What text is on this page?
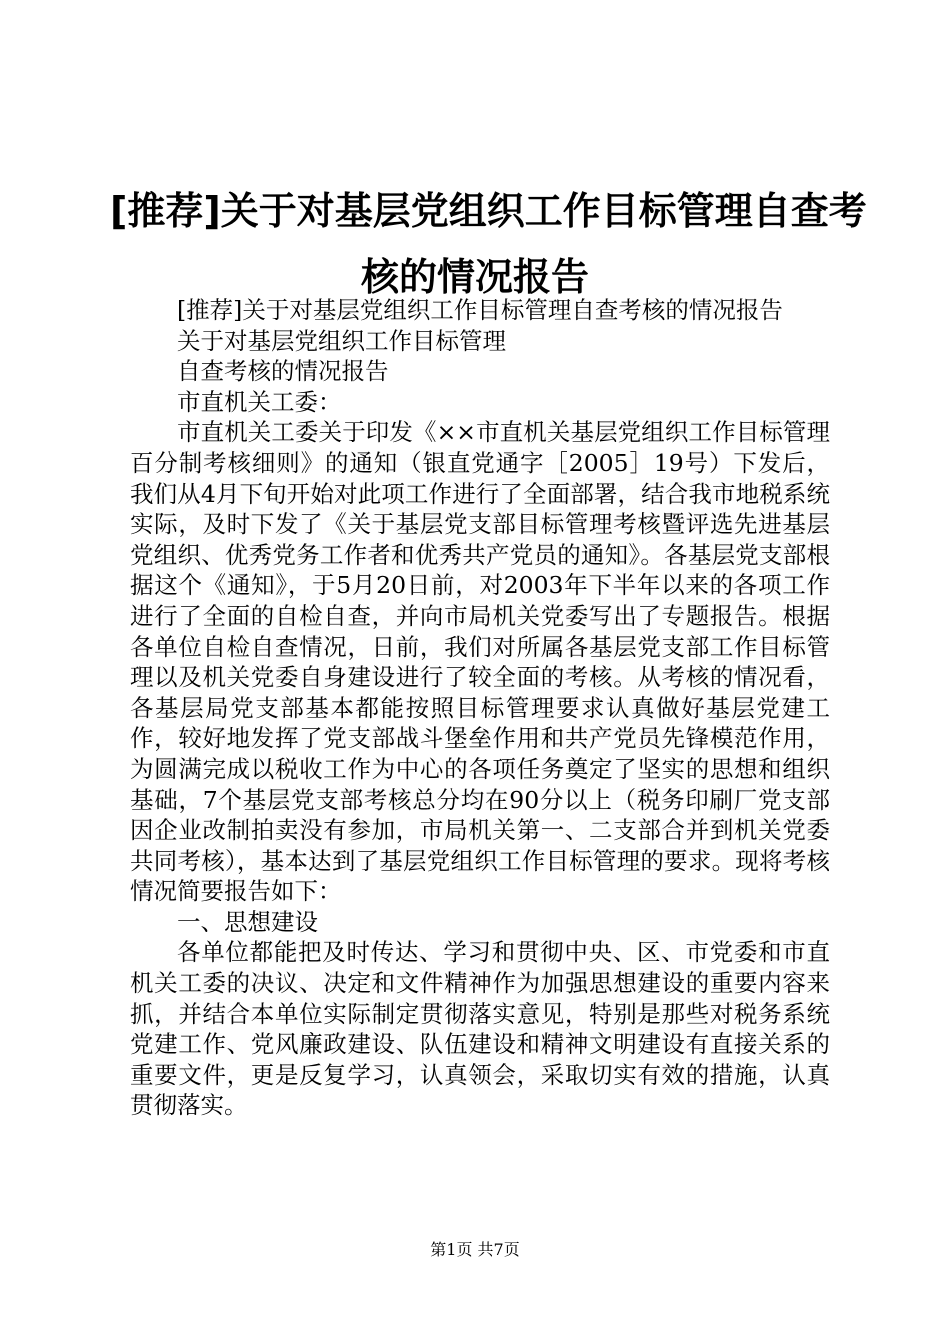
[推荐]关于对基层党组织工作目标管理自查考
核的情况报告

[推荐]关于对基层党组织工作目标管理自查考核的情况报告

关于对基层党组织工作目标管理

自查考核的情况报告

市直机关工委：

市直机关工委关于印发《××市直机关基层党组织工作目标管理百分制考核细则》的通知（银直党通字［2005］19号）下发后，我们从4月下旬开始对此项工作进行了全面部署，结合我市地税系统实际，及时下发了《关于基层党支部目标管理考核暨评选先进基层党组织、优秀党务工作者和优秀共产党员的通知》。各基层党支部根据这个《通知》，于5月20日前，对2003年下半年以来的各项工作进行了全面的自检自查，并向市局机关党委写出了专题报告。根据各单位自检自查情况，日前，我们对所属各基层党支部工作目标管理以及机关党委自身建设进行了较全面的考核。从考核的情况看，各基层局党支部基本都能按照目标管理要求认真做好基层党建工作，较好地发挥了党支部战斗堡垒作用和共产党员先锋模范作用，为圆满完成以税收工作为中心的各项任务奠定了坚实的思想和组织基础，7个基层党支部考核总分均在90分以上（税务印刷厂党支部因企业改制拍卖没有参加，市局机关第一、二支部合并到机关党委共同考核），基本达到了基层党组织工作目标管理的要求。现将考核情况简要报告如下：

一、思想建设

各单位都能把及时传达、学习和贯彻中央、区、市党委和市直机关工委的决议、决定和文件精神作为加强思想建设的重要内容来抓，并结合本单位实际制定贯彻落实意见，特别是那些对税务系统党建工作、党风廉政建设、队伍建设和精神文明建设有直接关系的重要文件，更是反复学习，认真领会，采取切实有效的措施，认真贯彻落实。

第1页 共7页
